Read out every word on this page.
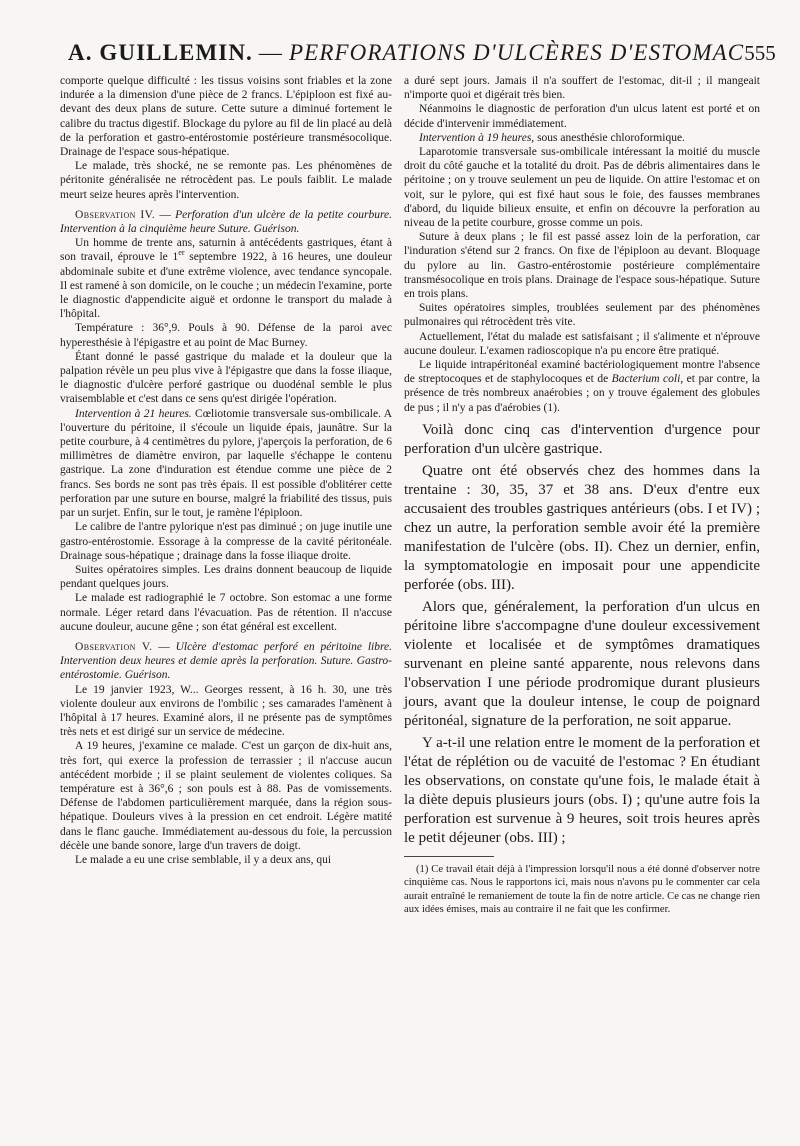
A. GUILLEMIN. — PERFORATIONS D'ULCÈRES D'ESTOMAC 555

comporte quelque difficulté : les tissus voisins sont friables et la zone indurée a la dimension d'une pièce de 2 francs. L'épiploon est fixé au-devant des deux plans de suture. Cette suture a diminué fortement le calibre du tractus digestif. Blockage du pylore au fil de lin placé au delà de la perforation et gastro-entérostomie postérieure transmésocolique. Drainage de l'espace sous-hépatique.

Le malade, très shocké, ne se remonte pas. Les phénomènes de péritonite généralisée ne rétrocèdent pas. Le pouls faiblit. Le malade meurt seize heures après l'intervention.

Observation IV. — Perforation d'un ulcère de la petite courbure. Intervention à la cinquième heure Suture. Guérison.

Un homme de trente ans, saturnin à antécédents gastriques, étant à son travail, éprouve le 1er septembre 1922, à 16 heures, une douleur abdominale subite et d'une extrême violence, avec tendance syncopale. Il est ramené à son domicile, on le couche ; un médecin l'examine, porte le diagnostic d'appendicite aiguë et ordonne le transport du malade à l'hôpital.

Température : 36°,9. Pouls à 90. Défense de la paroi avec hyperesthésie à l'épigastre et au point de Mac Burney.

Étant donné le passé gastrique du malade et la douleur que la palpation révèle un peu plus vive à l'épigastre que dans la fosse iliaque, le diagnostic d'ulcère perforé gastrique ou duodénal semble le plus vraisemblable et c'est dans ce sens qu'est dirigée l'opération.

Intervention à 21 heures. Cœliotomie transversale sus-ombilicale. A l'ouverture du péritoine, il s'écoule un liquide épais, jaunâtre. Sur la petite courbure, à 4 centimètres du pylore, j'aperçois la perforation, de 6 millimètres de diamètre environ, par laquelle s'échappe le contenu gastrique. La zone d'induration est étendue comme une pièce de 2 francs. Ses bords ne sont pas très épais. Il est possible d'oblitérer cette perforation par une suture en bourse, malgré la friabilité des tissus, puis par un surjet. Enfin, sur le tout, je ramène l'épiploon.

Le calibre de l'antre pylorique n'est pas diminué ; on juge inutile une gastro-entérostomie. Essorage à la compresse de la cavité péritonéale. Drainage sous-hépatique ; drainage dans la fosse iliaque droite.

Suites opératoires simples. Les drains donnent beaucoup de liquide pendant quelques jours.

Le malade est radiographié le 7 octobre. Son estomac a une forme normale. Léger retard dans l'évacuation. Pas de rétention. Il n'accuse aucune douleur, aucune gêne ; son état général est excellent.

Observation V. — Ulcère d'estomac perforé en péritoine libre. Intervention deux heures et demie après la perforation. Suture. Gastro-entérostomie. Guérison.

Le 19 janvier 1923, W... Georges ressent, à 16 h. 30, une très violente douleur aux environs de l'ombilic ; ses camarades l'amènent à l'hôpital à 17 heures. Examiné alors, il ne présente pas de symptômes très nets et est dirigé sur un service de médecine.

A 19 heures, j'examine ce malade. C'est un garçon de dix-huit ans, très fort, qui exerce la profession de terrassier ; il n'accuse aucun antécédent morbide ; il se plaint seulement de violentes coliques. Sa température est à 36°,6 ; son pouls est à 88. Pas de vomissements. Défense de l'abdomen particulièrement marquée, dans la région sous-hépatique. Douleurs vives à la pression en cet endroit. Légère matité dans le flanc gauche. Immédiatement au-dessous du foie, la percussion décèle une bande sonore, large d'un travers de doigt.

Le malade a eu une crise semblable, il y a deux ans, qui

a duré sept jours. Jamais il n'a souffert de l'estomac, dit-il ; il mangeait n'importe quoi et digérait très bien.

Néanmoins le diagnostic de perforation d'un ulcus latent est porté et on décide d'intervenir immédiatement.

Intervention à 19 heures, sous anesthésie chloroformique.

Laparotomie transversale sus-ombilicale intéressant la moitié du muscle droit du côté gauche et la totalité du droit. Pas de débris alimentaires dans le péritoine ; on y trouve seulement un peu de liquide. On attire l'estomac et on voit, sur le pylore, qui est fixé haut sous le foie, des fausses membranes d'abord, du liquide bilieux ensuite, et enfin on découvre la perforation au niveau de la petite courbure, grosse comme un pois.

Suture à deux plans ; le fil est passé assez loin de la perforation, car l'induration s'étend sur 2 francs. On fixe de l'épiploon au devant. Bloquage du pylore au lin. Gastro-entérostomie postérieure complémentaire transmésocolique en trois plans. Drainage de l'espace sous-hépatique. Suture en trois plans.

Suites opératoires simples, troublées seulement par des phénomènes pulmonaires qui rétrocèdent très vite.

Actuellement, l'état du malade est satisfaisant ; il s'alimente et n'éprouve aucune douleur. L'examen radioscopique n'a pu encore être pratiqué.

Le liquide intrapéritonéal examiné bactériologiquement montre l'absence de streptocoques et de staphylocoques et de Bacterium coli, et par contre, la présence de très nombreux anaérobies ; on y trouve également des globules de pus ; il n'y a pas d'aérobies (1).

Voilà donc cinq cas d'intervention d'urgence pour perforation d'un ulcère gastrique.

Quatre ont été observés chez des hommes dans la trentaine : 30, 35, 37 et 38 ans. D'eux d'entre eux accusaient des troubles gastriques antérieurs (obs. I et IV) ; chez un autre, la perforation semble avoir été la première manifestation de l'ulcère (obs. II). Chez un dernier, enfin, la symptomatologie en imposait pour une appendicite perforée (obs. III).

Alors que, généralement, la perforation d'un ulcus en péritoine libre s'accompagne d'une douleur excessivement violente et localisée et de symptômes dramatiques survenant en pleine santé apparente, nous relevons dans l'observation I une période prodromique durant plusieurs jours, avant que la douleur intense, le coup de poignard péritonéal, signature de la perforation, ne soit apparue.

Y a-t-il une relation entre le moment de la perforation et l'état de réplétion ou de vacuité de l'estomac ? En étudiant les observations, on constate qu'une fois, le malade était à la diète depuis plusieurs jours (obs. I) ; qu'une autre fois la perforation est survenue à 9 heures, soit trois heures après le petit déjeuner (obs. III) ;

(1) Ce travail était déjà à l'impression lorsqu'il nous a été donné d'observer notre cinquième cas. Nous le rapportons ici, mais nous n'avons pu le commenter car cela aurait entraîné le remaniement de toute la fin de notre article. Ce cas ne change rien aux idées émises, mais au contraire il ne fait que les confirmer.
